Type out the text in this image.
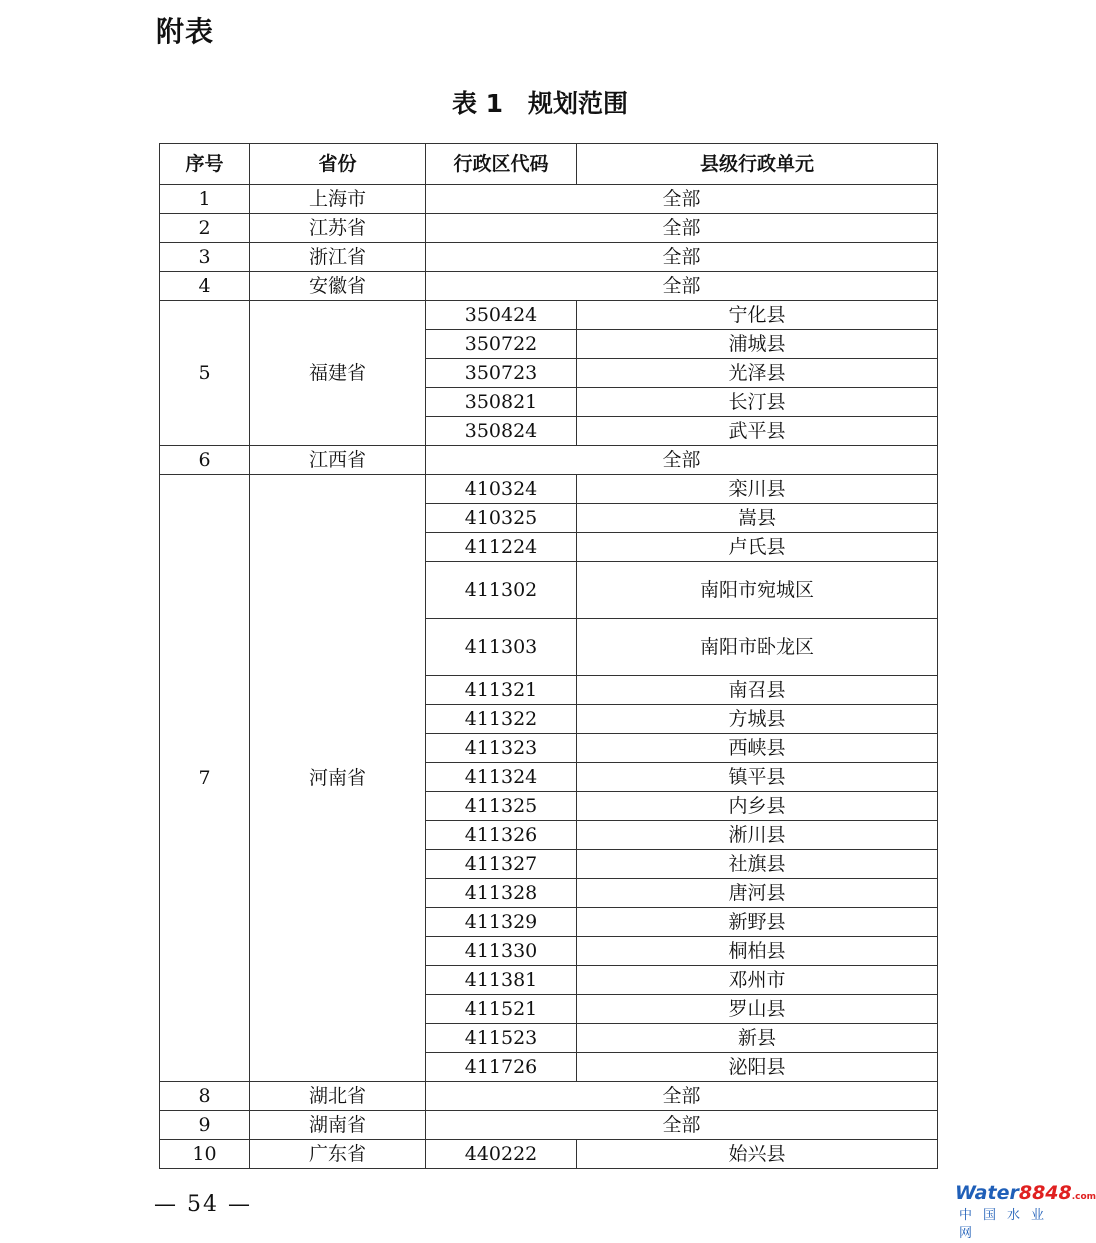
附表
表 1　规划范围
序号	省份	行政区代码	县级行政单元
1	上海市	全部	
2	江苏省	全部	
3	浙江省	全部	
4	安徽省	全部	
5	福建省	350424	宁化县
		350722	浦城县
		350723	光泽县
		350821	长汀县
		350824	武平县
6	江西省	全部	
7	河南省	410324	栾川县
		410325	嵩县
		411224	卢氏县
		411302	南阳市宛城区
		411303	南阳市卧龙区
		411321	南召县
		411322	方城县
		411323	西峡县
		411324	镇平县
		411325	内乡县
		411326	淅川县
		411327	社旗县
		411328	唐河县
		411329	新野县
		411330	桐柏县
		411381	邓州市
		411521	罗山县
		411523	新县
		411726	泌阳县
8	湖北省	全部	
9	湖南省	全部	
10	广东省	440222	始兴县
— 54 —	Water8848.com
中国水业网
